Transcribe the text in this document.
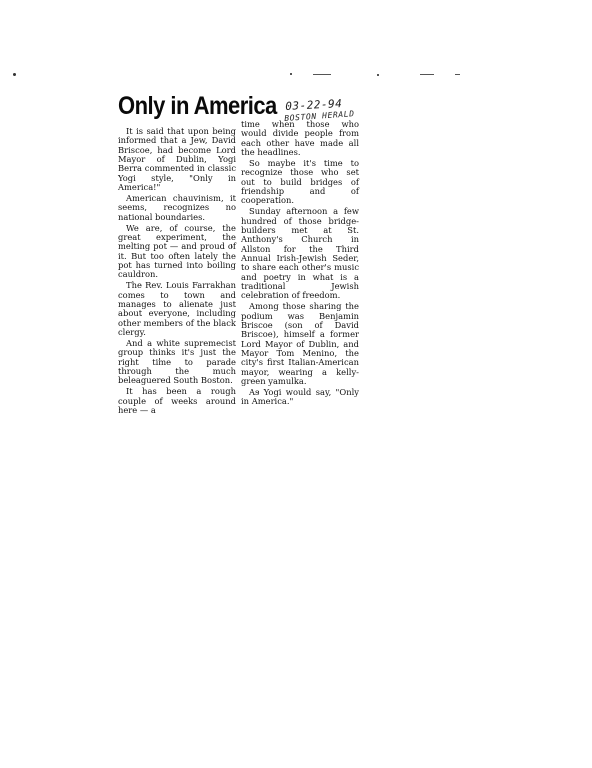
Only in America 03-22-94
BOSTON HERALD

It is said that upon being informed that a Jew, David Briscoe, had become Lord Mayor of Dublin, Yogi Berra commented in classic Yogi style, "Only in America!"

American chauvinism, it seems, recognizes no national boundaries.

We are, of course, the great experiment, the melting pot — and proud of it. But too often lately the pot has turned into boiling cauldron.

The Rev. Louis Farrakhan comes to town and manages to alienate just about everyone, including other members of the black clergy.

And a white supremecist group thinks it's just the right time to parade through the much beleaguered South Boston.

It has been a rough couple of weeks around here — a

time when those who would divide people from each other have made all the headlines.

So maybe it's time to recognize those who set out to build bridges of friendship and of cooperation.

Sunday afternoon a few hundred of those bridge-builders met at St. Anthony's Church in Allston for the Third Annual Irish-Jewish Seder, to share each other's music and poetry in what is a traditional Jewish celebration of freedom.

Among those sharing the podium was Benjamin Briscoe (son of David Briscoe), himself a former Lord Mayor of Dublin, and Mayor Tom Menino, the city's first Italian-American mayor, wearing a kelly-green yamulka.

As Yogi would say, "Only in America."
